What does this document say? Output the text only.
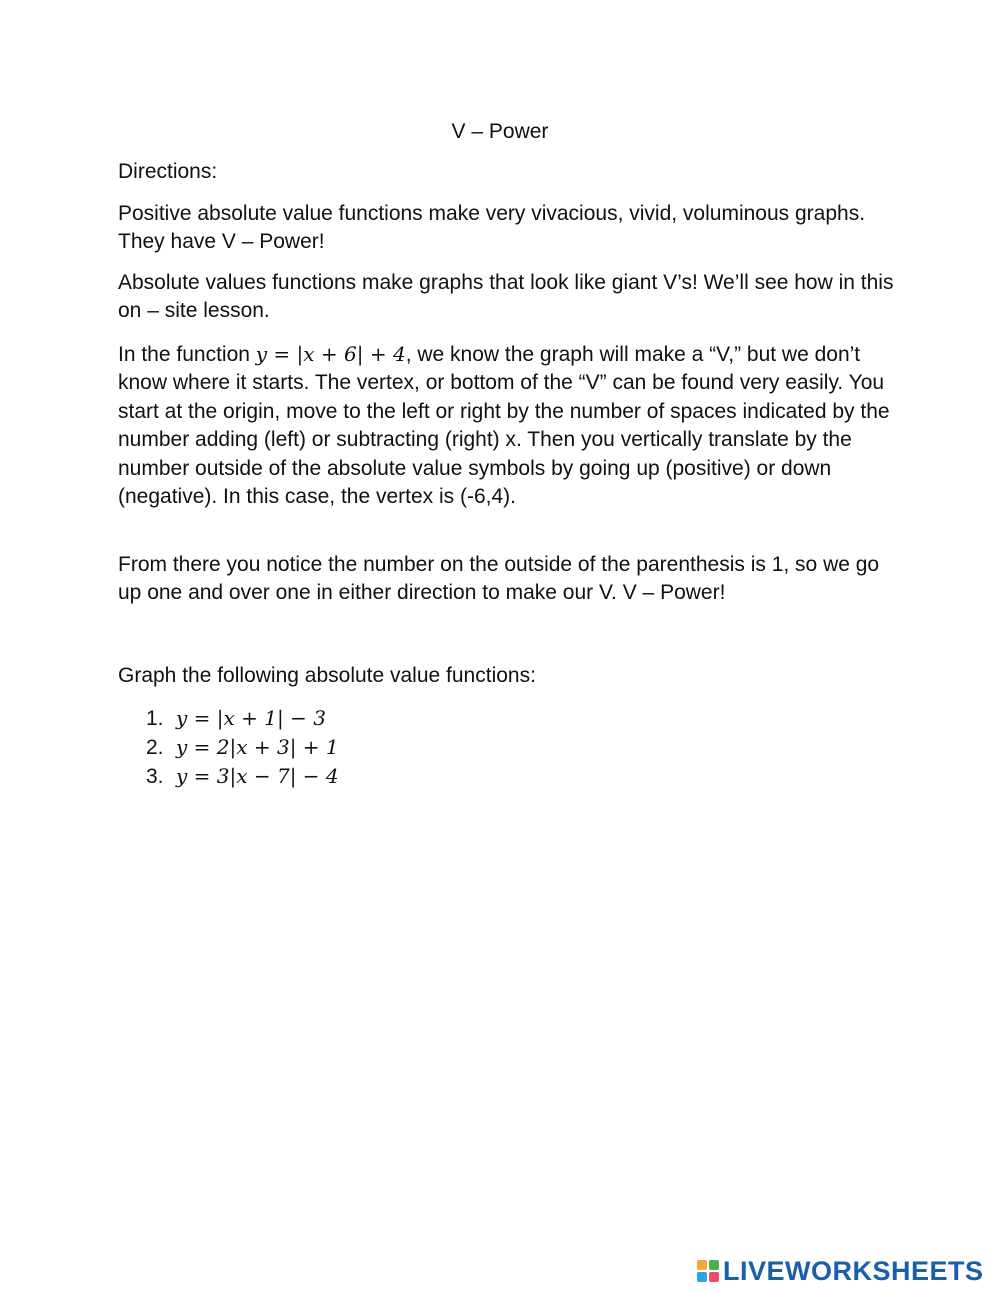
V – Power

Directions:

Positive absolute value functions make very vivacious, vivid, voluminous graphs. They have V – Power!

Absolute values functions make graphs that look like giant V’s! We’ll see how in this on – site lesson.

In the function y = |x + 6| + 4, we know the graph will make a “V,” but we don’t know where it starts. The vertex, or bottom of the “V” can be found very easily. You start at the origin, move to the left or right by the number of spaces indicated by the number adding (left) or subtracting (right) x. Then you vertically translate by the number outside of the absolute value symbols by going up (positive) or down (negative). In this case, the vertex is (-6,4).

From there you notice the number on the outside of the parenthesis is 1, so we go up one and over one in either direction to make our V. V – Power!

Graph the following absolute value functions:

1. y = |x + 1| − 3
2. y = 2|x + 3| + 1
3. y = 3|x − 7| − 4
LIVEWORKSHEETS
